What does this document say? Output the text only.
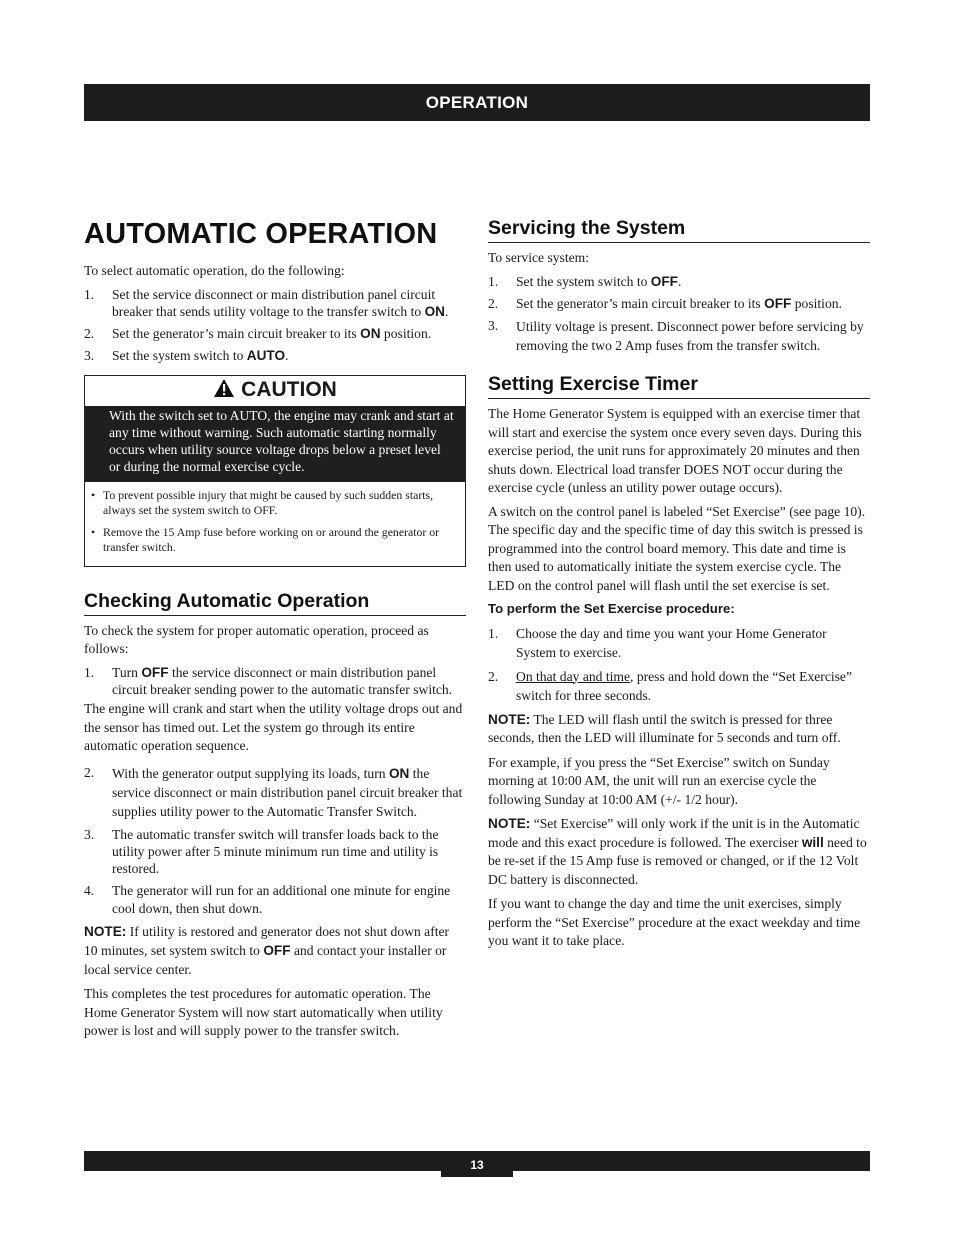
OPERATION
AUTOMATIC OPERATION

To select automatic operation, do the following:

1.	Set the service disconnect or main distribution panel circuit breaker that sends utility voltage to the transfer switch to ON.
2.	Set the generator’s main circuit breaker to its ON position.
3.	Set the system switch to AUTO.
CAUTION
With the switch set to AUTO, the engine may crank and start at any time without warning. Such automatic starting normally occurs when utility source voltage drops below a preset level or during the normal exercise cycle.
• To prevent possible injury that might be caused by such sudden starts, always set the system switch to OFF.
• Remove the 15 Amp fuse before working on or around the generator or transfer switch.
Checking Automatic Operation

To check the system for proper automatic operation, proceed as follows:

1.	Turn OFF the service disconnect or main distribution panel circuit breaker sending power to the automatic transfer switch.

The engine will crank and start when the utility voltage drops out and the sensor has timed out. Let the system go through its entire automatic operation sequence.

2.	With the generator output supplying its loads, turn ON the service disconnect or main distribution panel circuit breaker that supplies utility power to the Automatic Transfer Switch.
3.	The automatic transfer switch will transfer loads back to the utility power after 5 minute minimum run time and utility is restored.
4.	The generator will run for an additional one minute for engine cool down, then shut down.

NOTE: If utility is restored and generator does not shut down after 10 minutes, set system switch to OFF and contact your installer or local service center.

This completes the test procedures for automatic operation. The Home Generator System will now start automatically when utility power is lost and will supply power to the transfer switch.

Servicing the System

To service system:

1.	Set the system switch to OFF.
2.	Set the generator’s main circuit breaker to its OFF position.
3.	Utility voltage is present. Disconnect power before servicing by removing the two 2 Amp fuses from the transfer switch.
Setting Exercise Timer

The Home Generator System is equipped with an exercise timer that will start and exercise the system once every seven days. During this exercise period, the unit runs for approximately 20 minutes and then shuts down. Electrical load transfer DOES NOT occur during the exercise cycle (unless an utility power outage occurs).

A switch on the control panel is labeled “Set Exercise” (see page 10). The specific day and the specific time of day this switch is pressed is programmed into the control board memory. This date and time is then used to automatically initiate the system exercise cycle. The LED on the control panel will flash until the set exercise is set.

To perform the Set Exercise procedure:

1.	Choose the day and time you want your Home Generator System to exercise.
2.	On that day and time, press and hold down the “Set Exercise” switch for three seconds.

NOTE: The LED will flash until the switch is pressed for three seconds, then the LED will illuminate for 5 seconds and turn off.

For example, if you press the “Set Exercise” switch on Sunday morning at 10:00 AM, the unit will run an exercise cycle the following Sunday at 10:00 AM (+/- 1/2 hour).

NOTE: “Set Exercise” will only work if the unit is in the Automatic mode and this exact procedure is followed. The exerciser will need to be re-set if the 15 Amp fuse is removed or changed, or if the 12 Volt DC battery is disconnected.

If you want to change the day and time the unit exercises, simply perform the “Set Exercise” procedure at the exact weekday and time you want it to take place.

13
